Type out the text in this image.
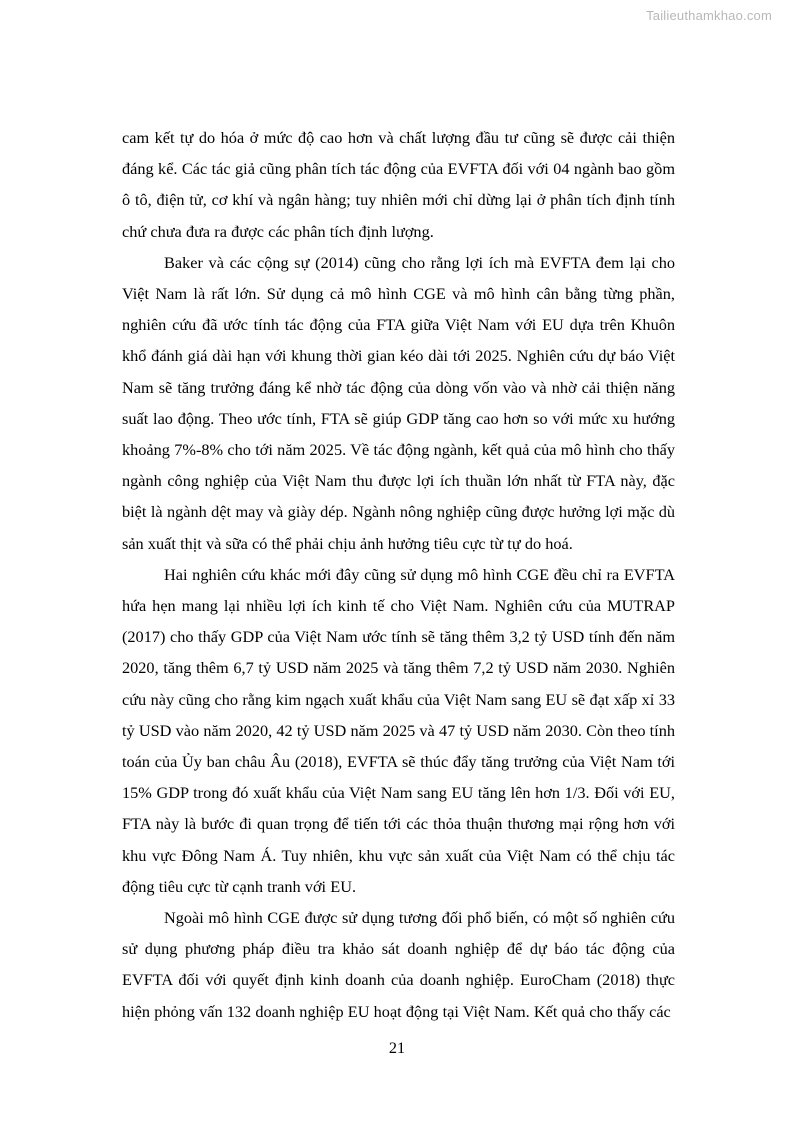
Tailieuthamkhao.com

cam kết tự do hóa ở mức độ cao hơn và chất lượng đầu tư cũng sẽ được cải thiện đáng kể. Các tác giả cũng phân tích tác động của EVFTA đối với 04 ngành bao gồm ô tô, điện tử, cơ khí và ngân hàng; tuy nhiên mới chỉ dừng lại ở phân tích định tính chứ chưa đưa ra được các phân tích định lượng.

Baker và các cộng sự (2014) cũng cho rằng lợi ích mà EVFTA đem lại cho Việt Nam là rất lớn. Sử dụng cả mô hình CGE và mô hình cân bằng từng phần, nghiên cứu đã ước tính tác động của FTA giữa Việt Nam với EU dựa trên Khuôn khổ đánh giá dài hạn với khung thời gian kéo dài tới 2025. Nghiên cứu dự báo Việt Nam sẽ tăng trưởng đáng kể nhờ tác động của dòng vốn vào và nhờ cải thiện năng suất lao động. Theo ước tính, FTA sẽ giúp GDP tăng cao hơn so với mức xu hướng khoảng 7%-8% cho tới năm 2025. Về tác động ngành, kết quả của mô hình cho thấy ngành công nghiệp của Việt Nam thu được lợi ích thuần lớn nhất từ FTA này, đặc biệt là ngành dệt may và giày dép. Ngành nông nghiệp cũng được hưởng lợi mặc dù sản xuất thịt và sữa có thể phải chịu ảnh hưởng tiêu cực từ tự do hoá.

Hai nghiên cứu khác mới đây cũng sử dụng mô hình CGE đều chỉ ra EVFTA hứa hẹn mang lại nhiều lợi ích kinh tế cho Việt Nam. Nghiên cứu của MUTRAP (2017) cho thấy GDP của Việt Nam ước tính sẽ tăng thêm 3,2 tỷ USD tính đến năm 2020, tăng thêm 6,7 tỷ USD năm 2025 và tăng thêm 7,2 tỷ USD năm 2030. Nghiên cứu này cũng cho rằng kim ngạch xuất khẩu của Việt Nam sang EU sẽ đạt xấp xỉ 33 tỷ USD vào năm 2020, 42 tỷ USD năm 2025 và 47 tỷ USD năm 2030. Còn theo tính toán của Ủy ban châu Âu (2018), EVFTA sẽ thúc đẩy tăng trưởng của Việt Nam tới 15% GDP trong đó xuất khẩu của Việt Nam sang EU tăng lên hơn 1/3. Đối với EU, FTA này là bước đi quan trọng để tiến tới các thỏa thuận thương mại rộng hơn với khu vực Đông Nam Á. Tuy nhiên, khu vực sản xuất của Việt Nam có thể chịu tác động tiêu cực từ cạnh tranh với EU.

Ngoài mô hình CGE được sử dụng tương đối phổ biến, có một số nghiên cứu sử dụng phương pháp điều tra khảo sát doanh nghiệp để dự báo tác động của EVFTA đối với quyết định kinh doanh của doanh nghiệp. EuroCham (2018) thực hiện phỏng vấn 132 doanh nghiệp EU hoạt động tại Việt Nam. Kết quả cho thấy các

21
